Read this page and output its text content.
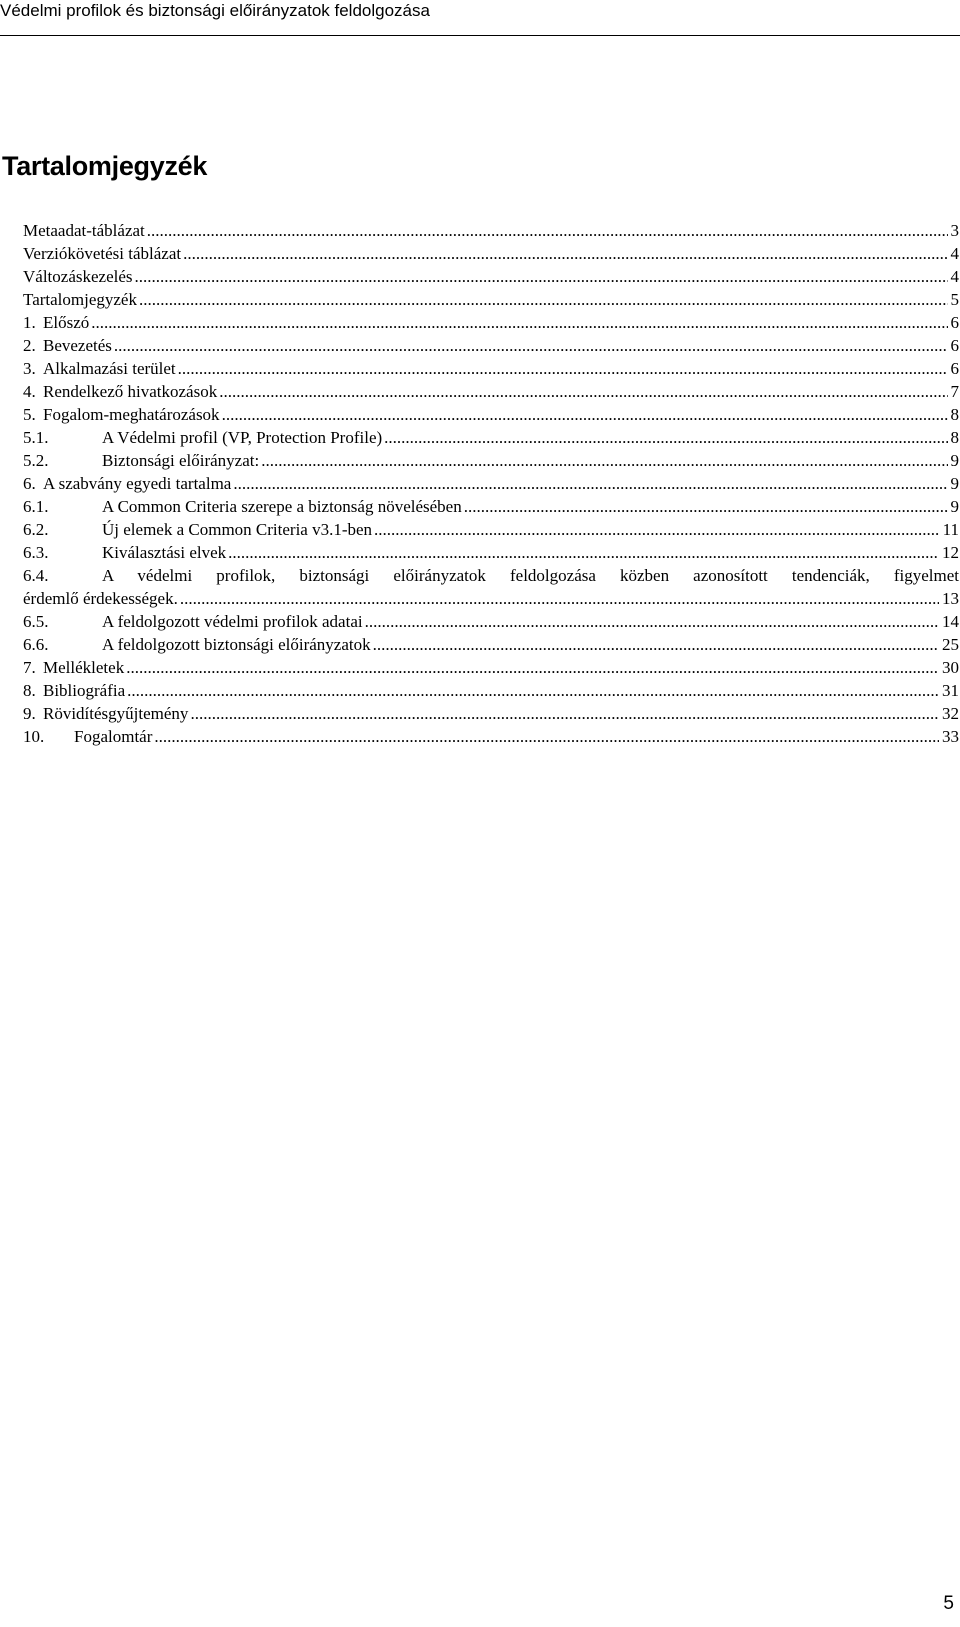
Védelmi profilok és biztonsági előirányzatok feldolgozása
Tartalomjegyzék
Metaadat-táblázat .....	3
Verziókövetési táblázat .....	4
Változáskezelés .....	4
Tartalomjegyzék .....	5
1. Előszó .....	6
2. Bevezetés .....	6
3. Alkalmazási terület .....	6
4. Rendelkező hivatkozások .....	7
5. Fogalom-meghatározások .....	8
5.1.	A Védelmi profil (VP, Protection Profile) .....	8
5.2.	Biztonsági előirányzat: .....	9
6. A szabvány egyedi tartalma .....	9
6.1.	A Common Criteria szerepe a biztonság növelésében .....	9
6.2.	Új elemek a Common Criteria v3.1-ben .....	11
6.3.	Kiválasztási elvek .....	12
6.4.	A védelmi profilok, biztonsági előirányzatok feldolgozása közben azonosított tendenciák, figyelmet
érdemlő érdekességek. .....	13
6.5.	A feldolgozott védelmi profilok adatai .....	14
6.6.	A feldolgozott biztonsági előirányzatok .....	25
7. Mellékletek .....	30
8. Bibliográfia .....	31
9. Rövidítésgyűjtemény .....	32
10.	Fogalomtár .....	33
5
